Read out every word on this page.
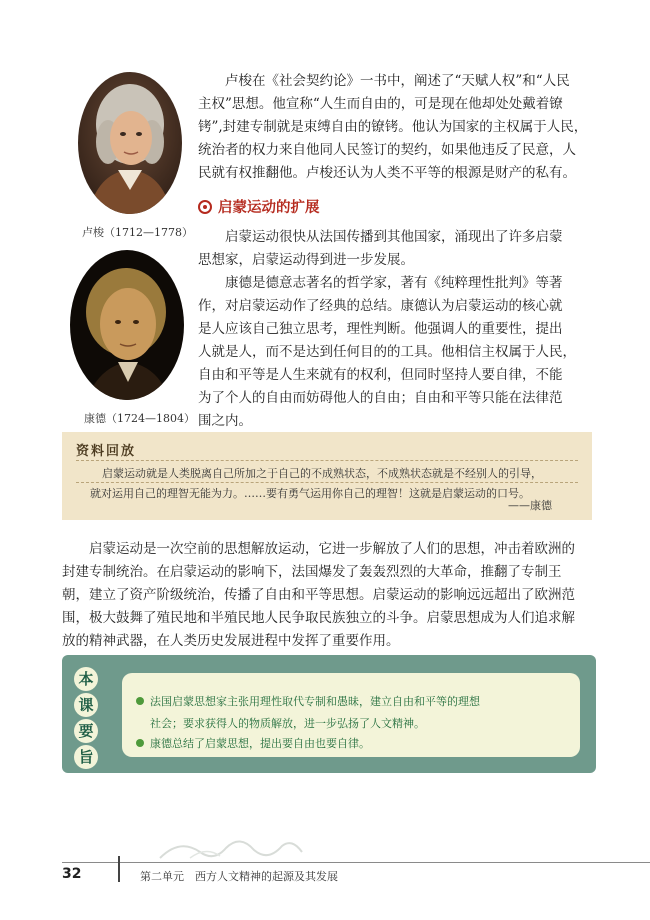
卢梭（1712—1778）
康德（1724—1804）
卢梭在《社会契约论》一书中，阐述了“天赋人权”和“人民
主权”思想。他宣称“人生而自由的，可是现在他却处处戴着镣
铐”,封建专制就是束缚自由的镣铐。他认为国家的主权属于人民，
统治者的权力来自他同人民签订的契约，如果他违反了民意，人
民就有权推翻他。卢梭还认为人类不平等的根源是财产的私有。
启蒙运动的扩展
启蒙运动很快从法国传播到其他国家，涌现出了许多启蒙
思想家，启蒙运动得到进一步发展。
康德是德意志著名的哲学家，著有《纯粹理性批判》等著
作，对启蒙运动作了经典的总结。康德认为启蒙运动的核心就
是人应该自己独立思考，理性判断。他强调人的重要性，提出
人就是人，而不是达到任何目的的工具。他相信主权属于人民，
自由和平等是人生来就有的权利，但同时坚持人要自律，不能
为了个人的自由而妨碍他人的自由；自由和平等只能在法律范
围之内。
资料回放
启蒙运动就是人类脱离自己所加之于自己的不成熟状态，不成熟状态就是不经别人的引导，
就对运用自己的理智无能为力。……要有勇气运用你自己的理智！这就是启蒙运动的口号。
——康德
启蒙运动是一次空前的思想解放运动，它进一步解放了人们的思想，冲击着欧洲的
封建专制统治。在启蒙运动的影响下，法国爆发了轰轰烈烈的大革命，推翻了专制王
朝，建立了资产阶级统治，传播了自由和平等思想。启蒙运动的影响远远超出了欧洲范
围，极大鼓舞了殖民地和半殖民地人民争取民族独立的斗争。启蒙思想成为人们追求解
放的精神武器，在人类历史发展进程中发挥了重要作用。
本
课
要
旨
法国启蒙思想家主张用理性取代专制和愚昧，建立自由和平等的理想
社会；要求获得人的物质解放，进一步弘扬了人文精神。
康德总结了启蒙思想，提出要自由也要自律。
32	第二单元　西方人文精神的起源及其发展
